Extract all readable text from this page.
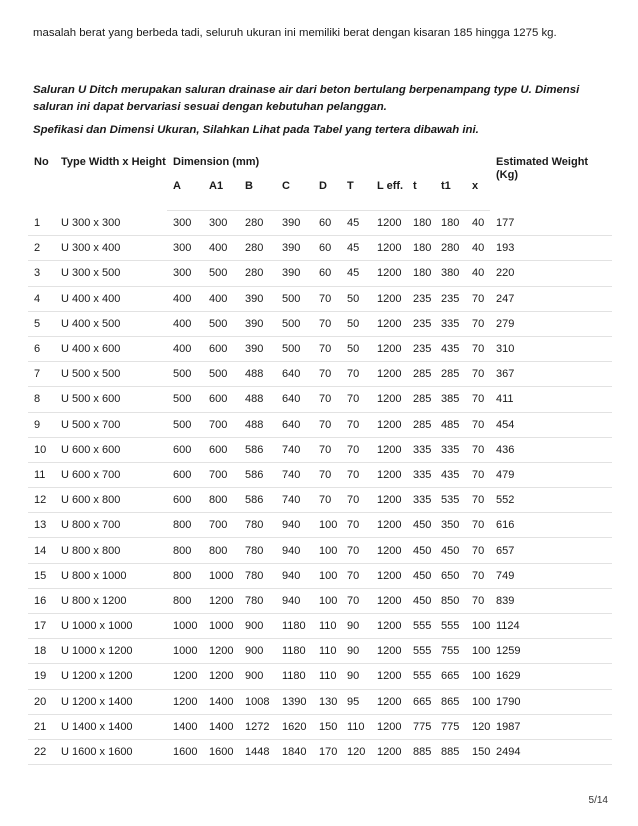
masalah berat yang berbeda tadi, seluruh ukuran ini memiliki berat dengan kisaran 185 hingga 1275 kg.

Saluran U Ditch merupakan saluran drainase air dari beton bertulang berpenampang type U. Dimensi saluran ini dapat bervariasi sesuai dengan kebutuhan pelanggan.

Spefikasi dan Dimensi Ukuran, Silahkan Lihat pada Tabel yang tertera dibawah ini.

No	Type Width x Height	Dimension (mm)										Estimated Weight (Kg)
		A	A1	B	C	D	T	L eff.	t	t1	x	
1	U 300 x 300	300	300	280	390	60	45	1200	180	180	40	177
2	U 300 x 400	300	400	280	390	60	45	1200	180	280	40	193
3	U 300 x 500	300	500	280	390	60	45	1200	180	380	40	220
4	U 400 x 400	400	400	390	500	70	50	1200	235	235	70	247
5	U 400 x 500	400	500	390	500	70	50	1200	235	335	70	279
6	U 400 x 600	400	600	390	500	70	50	1200	235	435	70	310
7	U 500 x 500	500	500	488	640	70	70	1200	285	285	70	367
8	U 500 x 600	500	600	488	640	70	70	1200	285	385	70	411
9	U 500 x 700	500	700	488	640	70	70	1200	285	485	70	454
10	U 600 x 600	600	600	586	740	70	70	1200	335	335	70	436
11	U 600 x 700	600	700	586	740	70	70	1200	335	435	70	479
12	U 600 x 800	600	800	586	740	70	70	1200	335	535	70	552
13	U 800 x 700	800	700	780	940	100	70	1200	450	350	70	616
14	U 800 x 800	800	800	780	940	100	70	1200	450	450	70	657
15	U 800 x 1000	800	1000	780	940	100	70	1200	450	650	70	749
16	U 800 x 1200	800	1200	780	940	100	70	1200	450	850	70	839
17	U 1000 x 1000	1000	1000	900	1180	110	90	1200	555	555	100	1124
18	U 1000 x 1200	1000	1200	900	1180	110	90	1200	555	755	100	1259
19	U 1200 x 1200	1200	1200	900	1180	110	90	1200	555	665	100	1629
20	U 1200 x 1400	1200	1400	1008	1390	130	95	1200	665	865	100	1790
21	U 1400 x 1400	1400	1400	1272	1620	150	110	1200	775	775	120	1987
22	U 1600 x 1600	1600	1600	1448	1840	170	120	1200	885	885	150	2494
5/14
